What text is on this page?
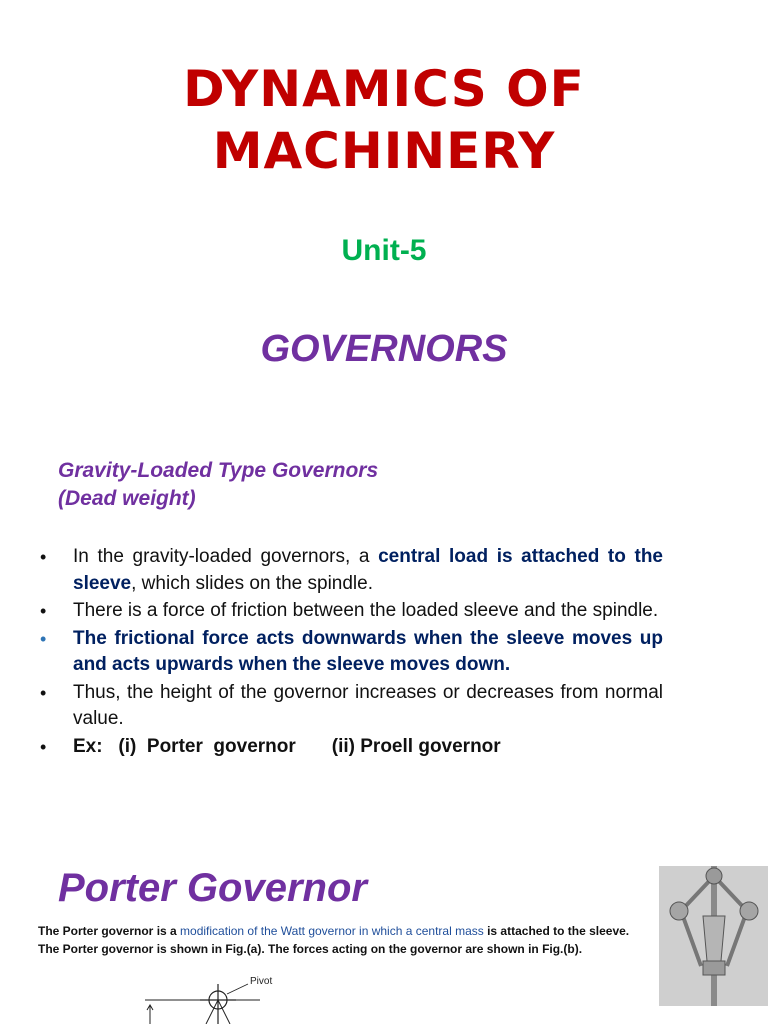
DYNAMICS OF
MACHINERY
Unit-5
GOVERNORS
Gravity-Loaded Type Governors
(Dead weight)
• In the gravity-loaded governors, a central load is attached to the sleeve, which slides on the spindle.
• There is a force of friction between the loaded sleeve and the spindle.
• The frictional force acts downwards when the sleeve moves up and acts upwards when the sleeve moves down.
• Thus, the height of the governor increases or decreases from normal value.
• Ex:   (i)  Porter  governor (ii) Proell governor
Porter Governor
The Porter governor is a modification of the Watt governor in which a central mass is attached to the sleeve. The Porter governor is shown in Fig.(a). The forces acting on the governor are shown in Fig.(b).
Pivot
